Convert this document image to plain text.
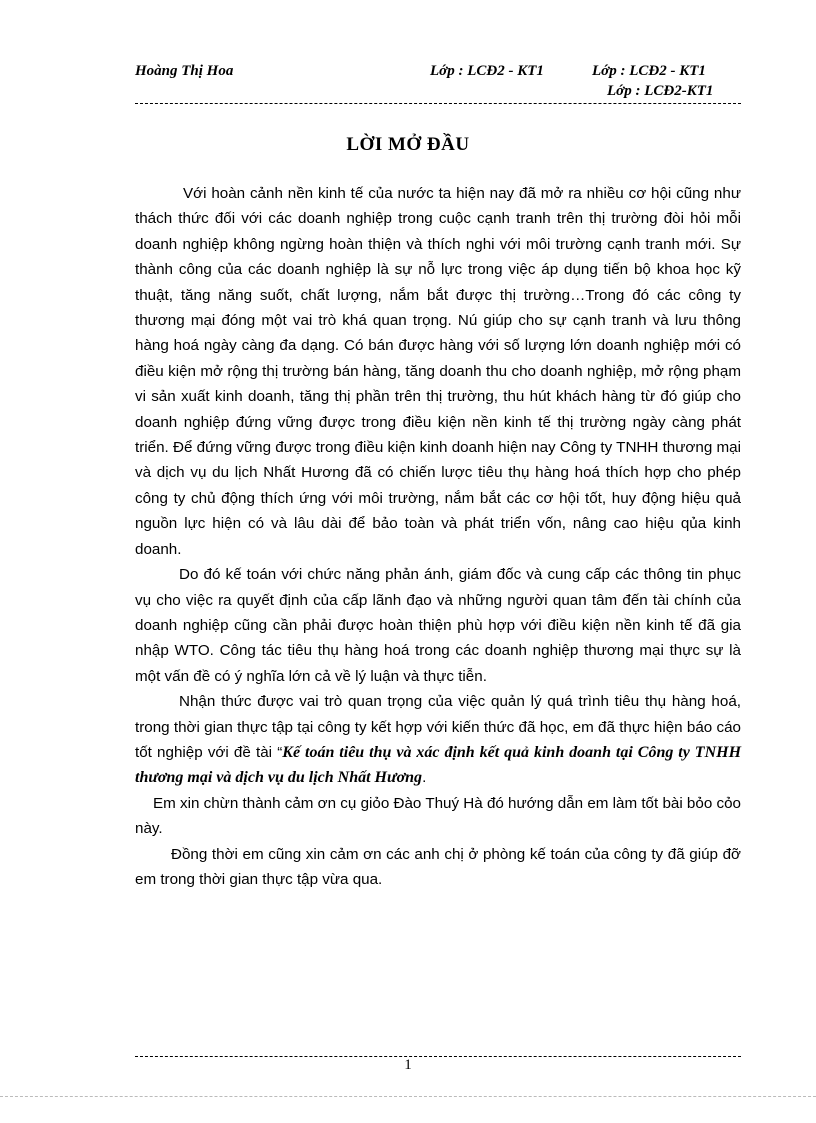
Hoàng Thị Hoa	Lớp : LCĐ2 - KT1	Lớp : LCĐ2 - KT1
Lớp : LCĐ2-KT1
LỜI MỞ ĐẦU

Với hoàn cảnh nền kinh tế của nước ta hiện nay đã mở ra nhiều cơ hội cũng như thách thức đối với các doanh nghiệp trong cuộc cạnh tranh trên thị trường đòi hỏi mỗi doanh nghiệp không ngừng hoàn thiện và thích nghi với môi trường cạnh tranh mới. Sự thành công của các doanh nghiệp là sự nỗ lực trong việc áp dụng tiến bộ khoa học kỹ thuật, tăng năng suốt, chất lượng, nắm bắt được thị trường…Trong đó các công ty thương mại đóng một vai trò khá quan trọng. Nú giúp cho sự cạnh tranh và lưu thông hàng hoá ngày càng đa dạng. Có bán được hàng với số lượng lớn doanh nghiệp mới có điều kiện mở rộng thị trường bán hàng, tăng doanh thu cho doanh nghiệp, mở rộng phạm vi sản xuất kinh doanh, tăng thị phần trên thị trường, thu hút khách hàng từ đó giúp cho doanh nghiệp đứng vững được trong điều kiện nền kinh tế thị trường ngày càng phát triển. Để đứng vững được trong điều kiện kinh doanh hiện nay Công ty TNHH thương mại và dịch vụ du lịch Nhất Hương đã có chiến lược tiêu thụ hàng hoá thích hợp cho phép công ty chủ động thích ứng với môi trường, nắm bắt các cơ hội tốt, huy động hiệu quả nguồn lực hiện có và lâu dài để bảo toàn và phát triển vốn, nâng cao hiệu qủa kinh doanh.

Do đó kế toán với chức năng phản ánh, giám đốc và cung cấp các thông tin phục vụ cho việc ra quyết định của cấp lãnh đạo và những người quan tâm đến tài chính của doanh nghiệp cũng cần phải được hoàn thiện phù hợp với điều kiện nền kinh tế đã gia nhập WTO. Công tác tiêu thụ hàng hoá trong các doanh nghiệp thương mại thực sự là một vấn đề có ý nghĩa lớn cả về lý luận và thực tiễn.

Nhận thức được vai trò quan trọng của việc quản lý quá trình tiêu thụ hàng hoá, trong thời gian thực tập tại công ty kết hợp với kiến thức đã học, em đã thực hiện báo cáo tốt nghiệp với đề tài “Kế toán tiêu thụ và xác định kết quả kinh doanh tại Công ty TNHH thương mại và dịch vụ du lịch Nhất Hương.

Em xin chừn thành cảm ơn cụ giỏo Đào Thuý Hà đó hướng dẫn em làm tốt bài bỏo cỏo này.

Đồng thời em cũng xin cảm ơn các anh chị ở phòng kế toán của công ty đã giúp đỡ em trong thời gian thực tập vừa qua.

1
